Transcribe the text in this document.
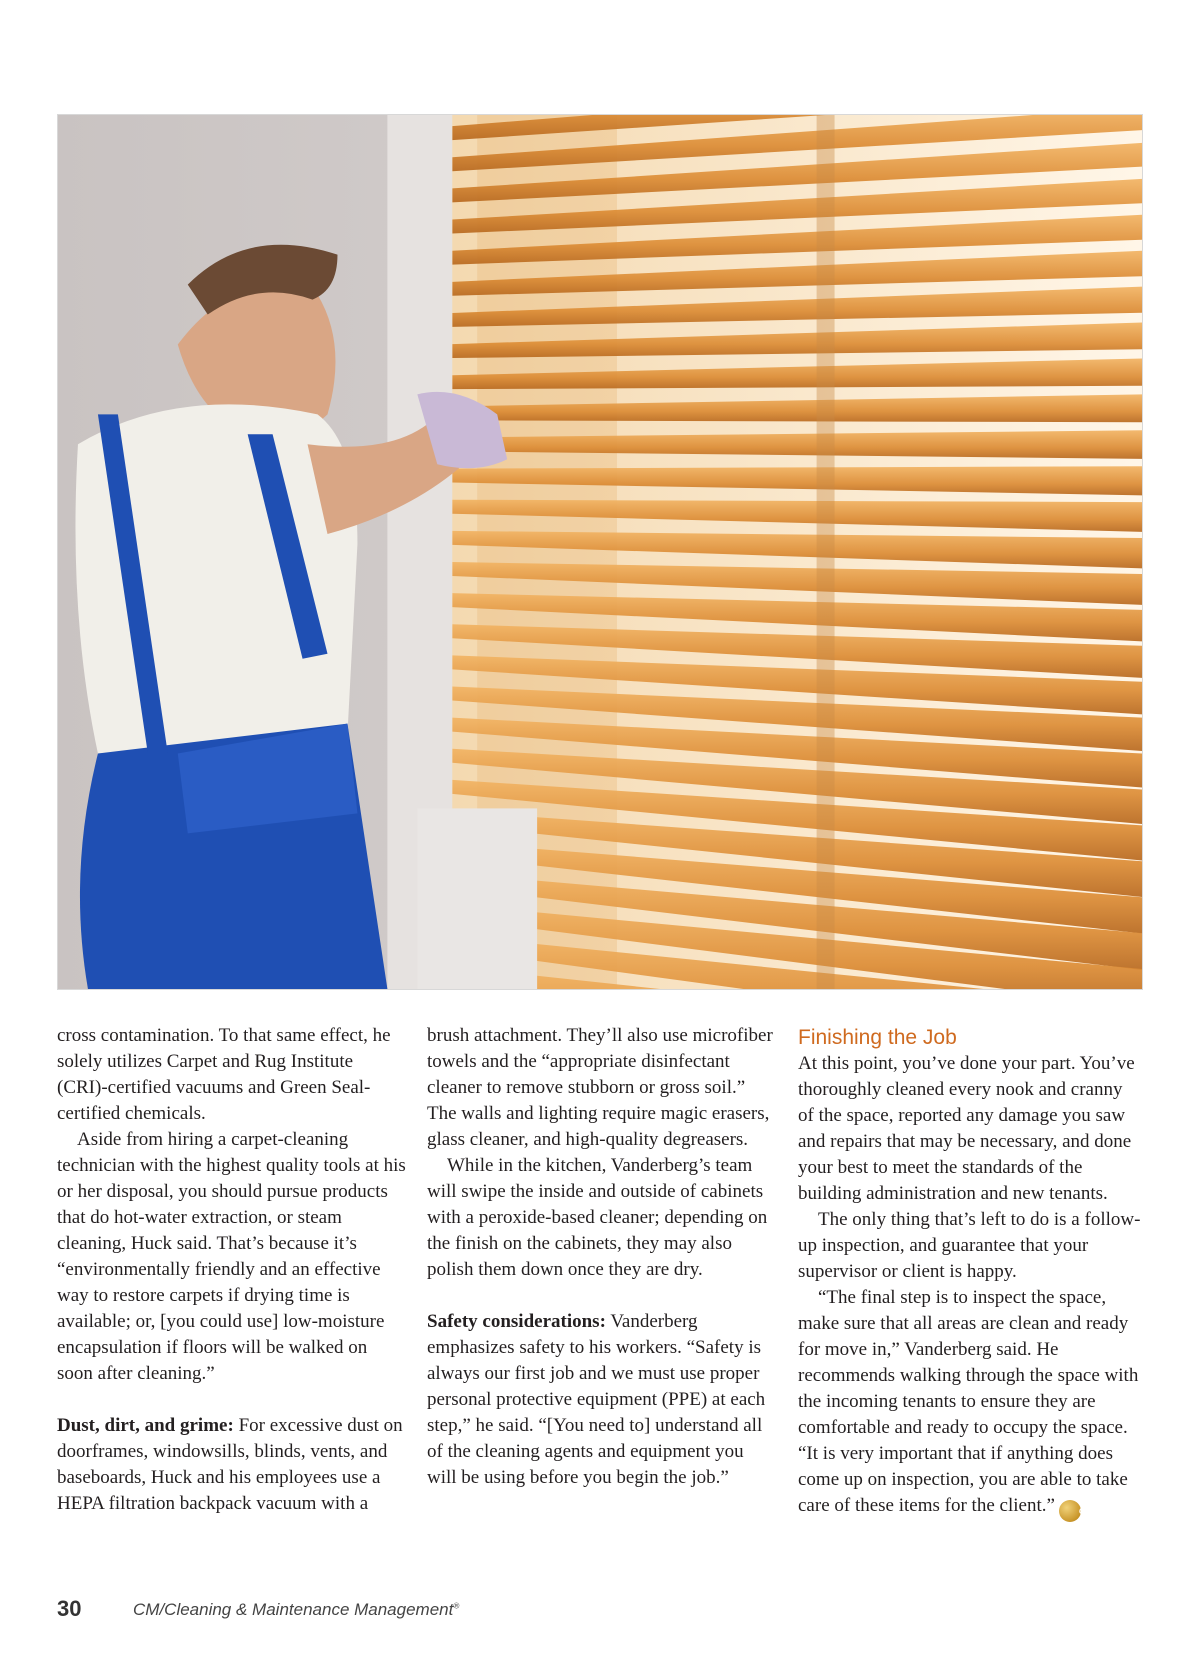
cross contamination. To that same effect, he solely utilizes Carpet and Rug Institute (CRI)-certified vacuums and Green Seal-certified chemicals.

Aside from hiring a carpet-cleaning technician with the highest quality tools at his or her disposal, you should pursue products that do hot-water extraction, or steam cleaning, Huck said. That’s because it’s “environmentally friendly and an effective way to restore carpets if drying time is available; or, [you could use] low-moisture encapsulation if floors will be walked on soon after cleaning.”

Dust, dirt, and grime: For excessive dust on doorframes, windowsills, blinds, vents, and baseboards, Huck and his employees use a HEPA filtration backpack vacuum with a

brush attachment. They’ll also use microfiber towels and the “appropriate disinfectant cleaner to remove stubborn or gross soil.” The walls and lighting require magic erasers, glass cleaner, and high-quality degreasers.

While in the kitchen, Vanderberg’s team will swipe the inside and outside of cabinets with a peroxide-based cleaner; depending on the finish on the cabinets, they may also polish them down once they are dry.

Safety considerations: Vanderberg emphasizes safety to his workers. “Safety is always our first job and we must use proper personal protective equipment (PPE) at each step,” he said. “[You need to] understand all of the cleaning agents and equipment you will be using before you begin the job.”

Finishing the Job

At this point, you’ve done your part. You’ve thoroughly cleaned every nook and cranny of the space, reported any damage you saw and repairs that may be necessary, and done your best to meet the standards of the building administration and new tenants.

The only thing that’s left to do is a follow-up inspection, and guarantee that your supervisor or client is happy.

“The final step is to inspect the space, make sure that all areas are clean and ready for move in,” Vanderberg said. He recommends walking through the space with the incoming tenants to ensure they are comfortable and ready to occupy the space. “It is very important that if anything does come up on inspection, you are able to take care of these items for the client.”	CM

30	CM/Cleaning & Maintenance Management®
